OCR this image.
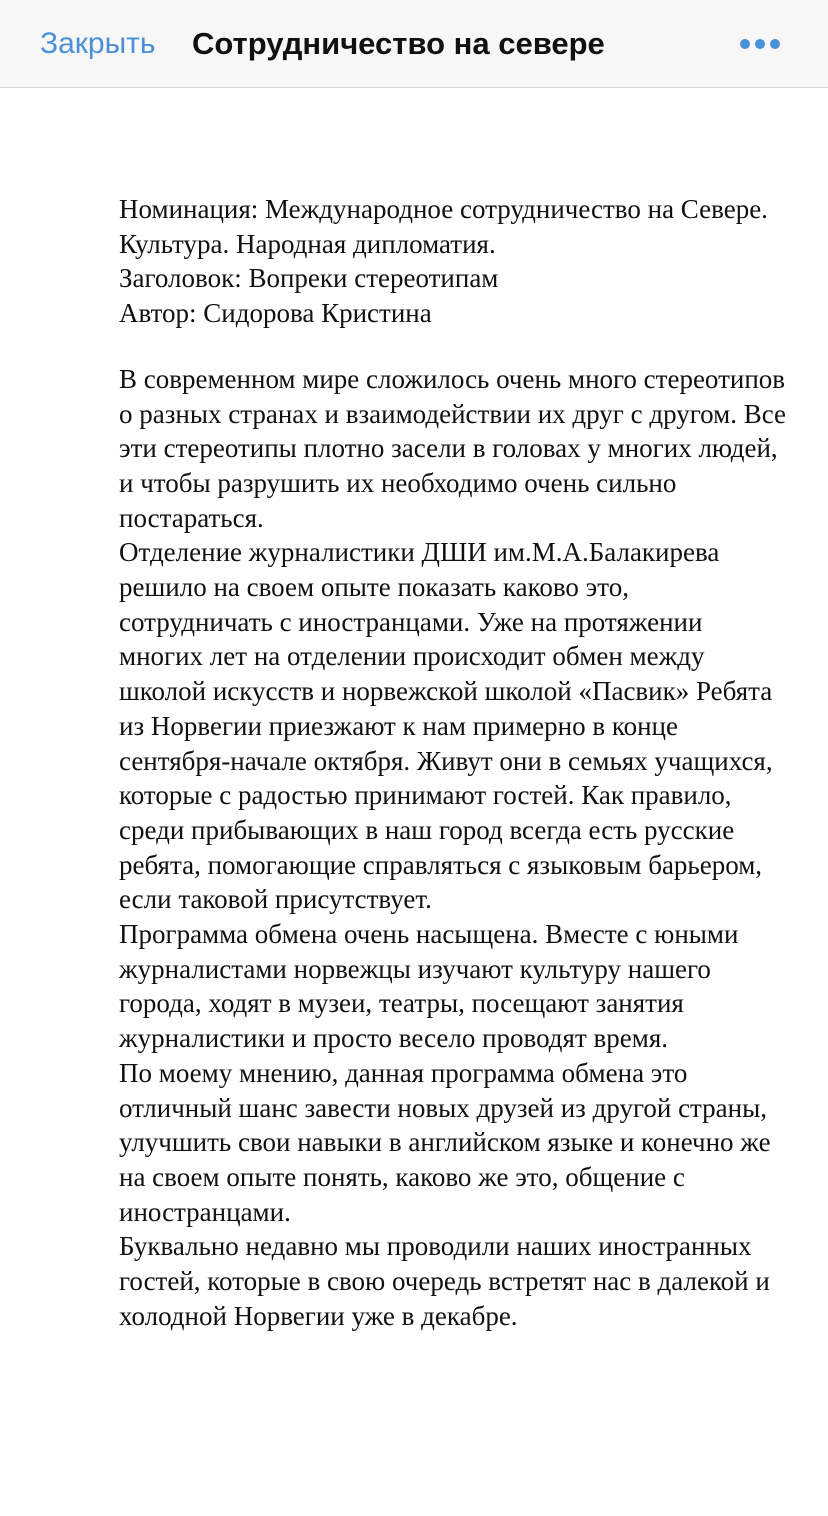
Закрыть Сотрудничество на севере
Номинация: Международное сотрудничество на Севере. Культура. Народная дипломатия.
Заголовок: Вопреки стереотипам
Автор: Сидорова Кристина

В современном мире сложилось очень много стереотипов о разных странах и взаимодействии их друг с другом. Все эти стереотипы плотно засели в головах у многих людей, и чтобы разрушить их необходимо очень сильно постараться.

Отделение журналистики ДШИ им.М.А.Балакирева решило на своем опыте показать каково это, сотрудничать с иностранцами. Уже на протяжении многих лет на отделении происходит обмен между школой искусств и норвежской школой «Пасвик» Ребята из Норвегии приезжают к нам примерно в конце сентября-начале октября. Живут они в семьях учащихся, которые с радостью принимают гостей. Как правило, среди прибывающих в наш город всегда есть русские ребята, помогающие справляться с языковым барьером, если таковой присутствует.

Программа обмена очень насыщена. Вместе с юными журналистами норвежцы изучают культуру нашего города, ходят в музеи, театры, посещают занятия журналистики и просто весело проводят время.

По моему мнению, данная программа обмена это отличный шанс завести новых друзей из другой страны, улучшить свои навыки в английском языке и конечно же на своем опыте понять, каково же это, общение с иностранцами.

Буквально недавно мы проводили наших иностранных гостей, которые в свою очередь встретят нас в далекой и холодной Норвегии уже в декабре.
